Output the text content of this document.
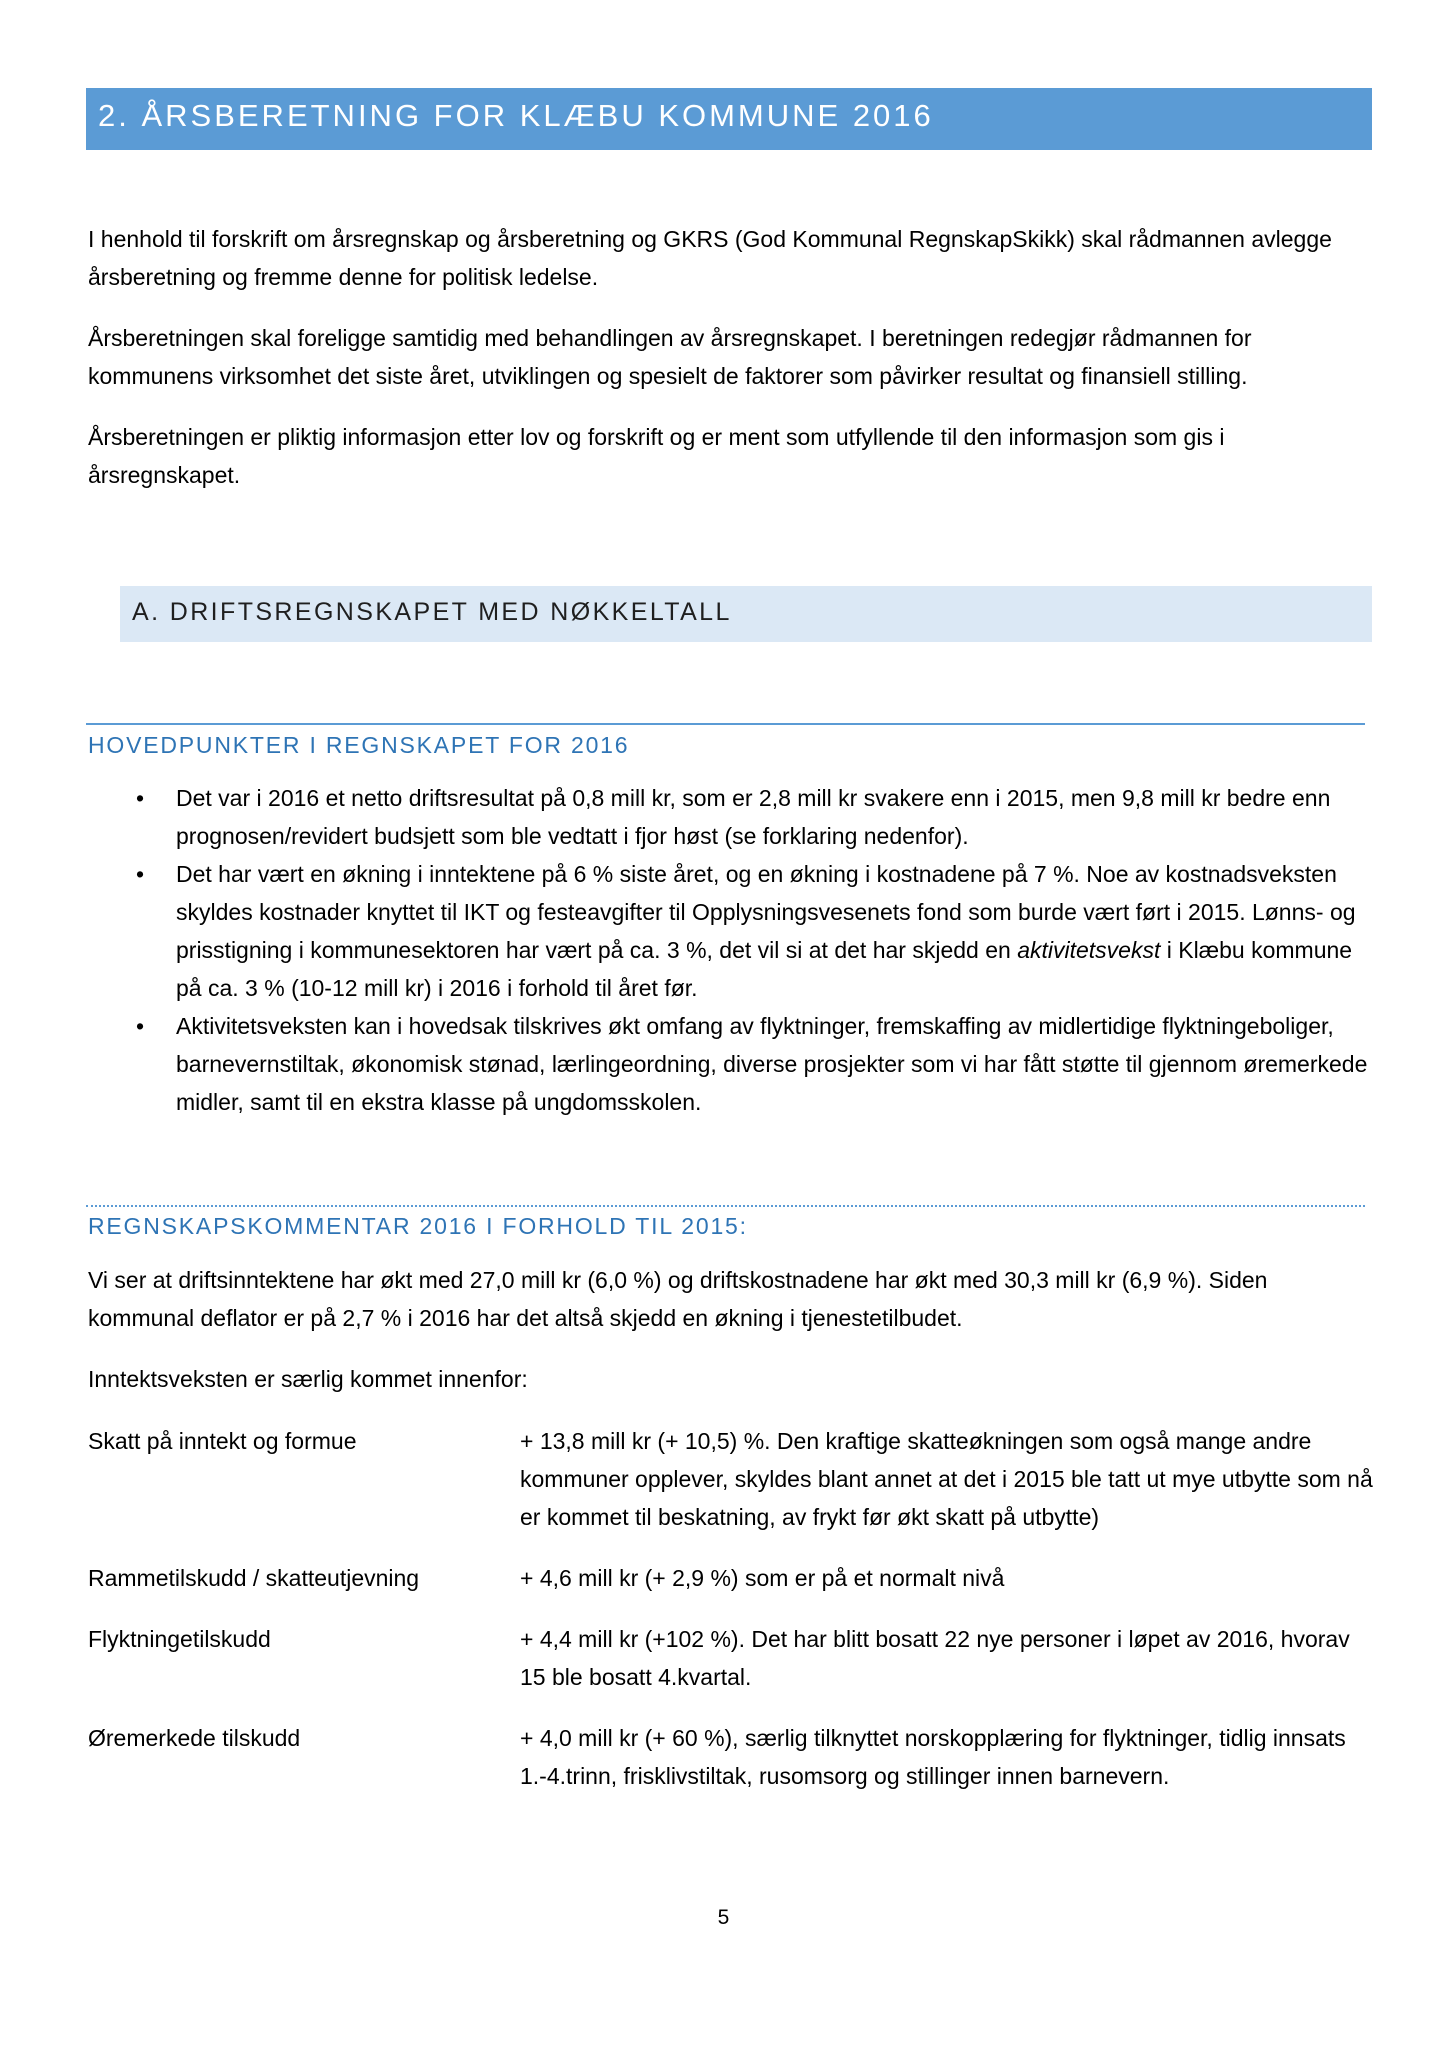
2. ÅRSBERETNING FOR KLÆBU KOMMUNE 2016

I henhold til forskrift om årsregnskap og årsberetning og GKRS (God Kommunal RegnskapSkikk) skal rådmannen avlegge årsberetning og fremme denne for politisk ledelse.

Årsberetningen skal foreligge samtidig med behandlingen av årsregnskapet. I beretningen redegjør rådmannen for kommunens virksomhet det siste året, utviklingen og spesielt de faktorer som påvirker resultat og finansiell stilling.

Årsberetningen er pliktig informasjon etter lov og forskrift og er ment som utfyllende til den informasjon som gis i årsregnskapet.

A. DRIFTSREGNSKAPET MED NØKKELTALL
HOVEDPUNKTER I REGNSKAPET FOR 2016
• Det var i 2016 et netto driftsresultat på 0,8 mill kr, som er 2,8 mill kr svakere enn i 2015, men 9,8 mill kr bedre enn prognosen/revidert budsjett som ble vedtatt i fjor høst (se forklaring nedenfor).
• Det har vært en økning i inntektene på 6 % siste året, og en økning i kostnadene på 7 %. Noe av kostnadsveksten skyldes kostnader knyttet til IKT og festeavgifter til Opplysningsvesenets fond som burde vært ført i 2015. Lønns- og prisstigning i kommunesektoren har vært på ca. 3 %, det vil si at det har skjedd en aktivitetsvekst i Klæbu kommune på ca. 3 % (10-12 mill kr) i 2016 i forhold til året før.
• Aktivitetsveksten kan i hovedsak tilskrives økt omfang av flyktninger, fremskaffing av midlertidige flyktningeboliger, barnevernstiltak, økonomisk stønad, lærlingeordning, diverse prosjekter som vi har fått støtte til gjennom øremerkede midler, samt til en ekstra klasse på ungdomsskolen.
REGNSKAPSKOMMENTAR 2016 I FORHOLD TIL 2015:

Vi ser at driftsinntektene har økt med 27,0 mill kr (6,0 %) og driftskostnadene har økt med 30,3 mill kr (6,9 %). Siden kommunal deflator er på 2,7 % i 2016 har det altså skjedd en økning i tjenestetilbudet.

Inntektsveksten er særlig kommet innenfor:

Skatt på inntekt og formue	+ 13,8 mill kr (+ 10,5) %. Den kraftige skatteøkningen som også mange andre kommuner opplever, skyldes blant annet at det i 2015 ble tatt ut mye utbytte som nå er kommet til beskatning, av frykt før økt skatt på utbytte)
Rammetilskudd / skatteutjevning	+ 4,6 mill kr (+ 2,9 %) som er på et normalt nivå
Flyktningetilskudd	+ 4,4 mill kr (+102 %). Det har blitt bosatt 22 nye personer i løpet av 2016, hvorav 15 ble bosatt 4.kvartal.
Øremerkede tilskudd	+ 4,0 mill kr (+ 60 %), særlig tilknyttet norskopplæring for flyktninger, tidlig innsats 1.-4.trinn, frisklivstiltak, rusomsorg og stillinger innen barnevern.
5
